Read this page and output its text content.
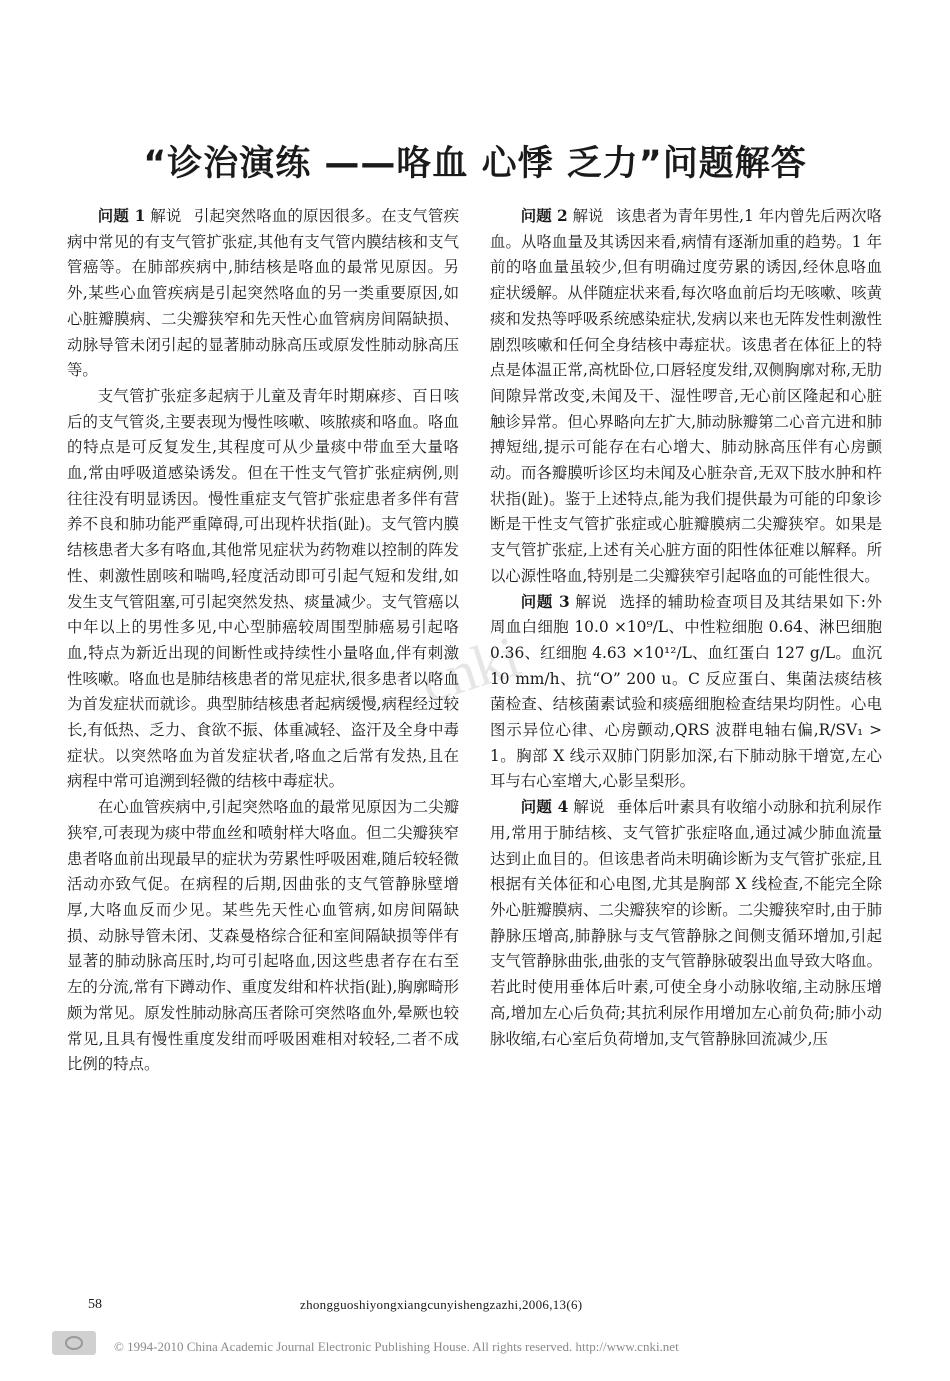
cnki
“诊治演练 ——咯血 心悸 乏力”问题解答

问题 1 解说 引起突然咯血的原因很多。在支气管疾病中常见的有支气管扩张症,其他有支气管内膜结核和支气管癌等。在肺部疾病中,肺结核是咯血的最常见原因。另外,某些心血管疾病是引起突然咯血的另一类重要原因,如心脏瓣膜病、二尖瓣狭窄和先天性心血管病房间隔缺损、动脉导管未闭引起的显著肺动脉高压或原发性肺动脉高压等。

支气管扩张症多起病于儿童及青年时期麻疹、百日咳后的支气管炎,主要表现为慢性咳嗽、咳脓痰和咯血。咯血的特点是可反复发生,其程度可从少量痰中带血至大量咯血,常由呼吸道感染诱发。但在干性支气管扩张症病例,则往往没有明显诱因。慢性重症支气管扩张症患者多伴有营养不良和肺功能严重障碍,可出现杵状指(趾)。支气管内膜结核患者大多有咯血,其他常见症状为药物难以控制的阵发性、刺激性剧咳和喘鸣,轻度活动即可引起气短和发绀,如发生支气管阻塞,可引起突然发热、痰量减少。支气管癌以中年以上的男性多见,中心型肺癌较周围型肺癌易引起咯血,特点为新近出现的间断性或持续性小量咯血,伴有刺激性咳嗽。咯血也是肺结核患者的常见症状,很多患者以咯血为首发症状而就诊。典型肺结核患者起病缓慢,病程经过较长,有低热、乏力、食欲不振、体重减轻、盗汗及全身中毒症状。以突然咯血为首发症状者,咯血之后常有发热,且在病程中常可追溯到轻微的结核中毒症状。

在心血管疾病中,引起突然咯血的最常见原因为二尖瓣狭窄,可表现为痰中带血丝和喷射样大咯血。但二尖瓣狭窄患者咯血前出现最早的症状为劳累性呼吸困难,随后较轻微活动亦致气促。在病程的后期,因曲张的支气管静脉壁增厚,大咯血反而少见。某些先天性心血管病,如房间隔缺损、动脉导管未闭、艾森曼格综合征和室间隔缺损等伴有显著的肺动脉高压时,均可引起咯血,因这些患者存在右至左的分流,常有下蹲动作、重度发绀和杵状指(趾),胸廓畸形颇为常见。原发性肺动脉高压者除可突然咯血外,晕厥也较常见,且具有慢性重度发绀而呼吸困难相对较轻,二者不成比例的特点。

问题 2 解说 该患者为青年男性,1 年内曾先后两次咯血。从咯血量及其诱因来看,病情有逐渐加重的趋势。1 年前的咯血量虽较少,但有明确过度劳累的诱因,经休息咯血症状缓解。从伴随症状来看,每次咯血前后均无咳嗽、咳黄痰和发热等呼吸系统感染症状,发病以来也无阵发性刺激性剧烈咳嗽和任何全身结核中毒症状。该患者在体征上的特点是体温正常,高枕卧位,口唇轻度发绀,双侧胸廓对称,无肋间隙异常改变,未闻及干、湿性啰音,无心前区隆起和心脏触诊异常。但心界略向左扩大,肺动脉瓣第二心音亢进和肺搏短绌,提示可能存在右心增大、肺动脉高压伴有心房颤动。而各瓣膜听诊区均未闻及心脏杂音,无双下肢水肿和杵状指(趾)。鉴于上述特点,能为我们提供最为可能的印象诊断是干性支气管扩张症或心脏瓣膜病二尖瓣狭窄。如果是支气管扩张症,上述有关心脏方面的阳性体征难以解释。所以心源性咯血,特别是二尖瓣狭窄引起咯血的可能性很大。

问题 3 解说 选择的辅助检查项目及其结果如下:外周血白细胞 10.0 ×10⁹/L、中性粒细胞 0.64、淋巴细胞 0.36、红细胞 4.63 ×10¹²/L、血红蛋白 127 g/L。血沉 10 mm/h、抗“O” 200 u。C 反应蛋白、集菌法痰结核菌检查、结核菌素试验和痰癌细胞检查结果均阴性。心电图示异位心律、心房颤动,QRS 波群电轴右偏,R/SV₁ > 1。胸部 X 线示双肺门阴影加深,右下肺动脉干增宽,左心耳与右心室增大,心影呈梨形。

问题 4 解说 垂体后叶素具有收缩小动脉和抗利尿作用,常用于肺结核、支气管扩张症咯血,通过减少肺血流量达到止血目的。但该患者尚未明确诊断为支气管扩张症,且根据有关体征和心电图,尤其是胸部 X 线检查,不能完全除外心脏瓣膜病、二尖瓣狭窄的诊断。二尖瓣狭窄时,由于肺静脉压增高,肺静脉与支气管静脉之间侧支循环增加,引起支气管静脉曲张,曲张的支气管静脉破裂出血导致大咯血。若此时使用垂体后叶素,可使全身小动脉收缩,主动脉压增高,增加左心后负荷;其抗利尿作用增加左心前负荷;肺小动脉收缩,右心室后负荷增加,支气管静脉回流减少,压

58	zhongguoshiyongxiangcunyishengzazhi,2006,13(6)
© 1994-2010 China Academic Journal Electronic Publishing House. All rights reserved. http://www.cnki.net
